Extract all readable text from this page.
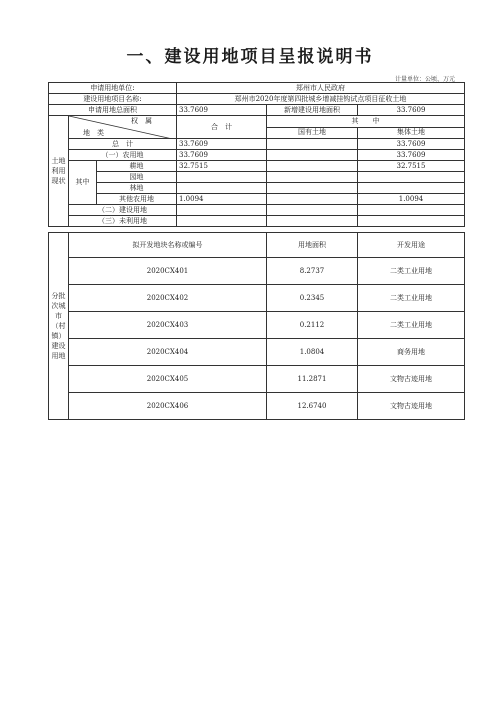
一、建设用地项目呈报说明书
计量单位：公顷、万元
申请用地单位:			郑州市人民政府		
建设用地项目名称:			郑州市2020年度第四批城乡增减挂钩试点项目征收土地		
申请用地总面积			33.7609	新增建设用地面积	33.7609
土地利用现状	权　属
地　类		合　计	其　　中	
				国有土地	集体土地
	总　计		33.7609		33.7609
	（一）农用地		33.7609		33.7609
	其中	耕地	32.7515		32.7515
		园地			
		林地			
		其他农用地	1.0094		1.0094
	（二）建设用地				
	（三）未利用地				
分批次城市（村镇）建设用地	拟开发地块名称或编号	用地面积	开发用途
	2020CX401	8.2737	二类工业用地
	2020CX402	0.2345	二类工业用地
	2020CX403	0.2112	二类工业用地
	2020CX404	1.0804	商务用地
	2020CX405	11.2871	文物古迹用地
	2020CX406	12.6740	文物古迹用地
